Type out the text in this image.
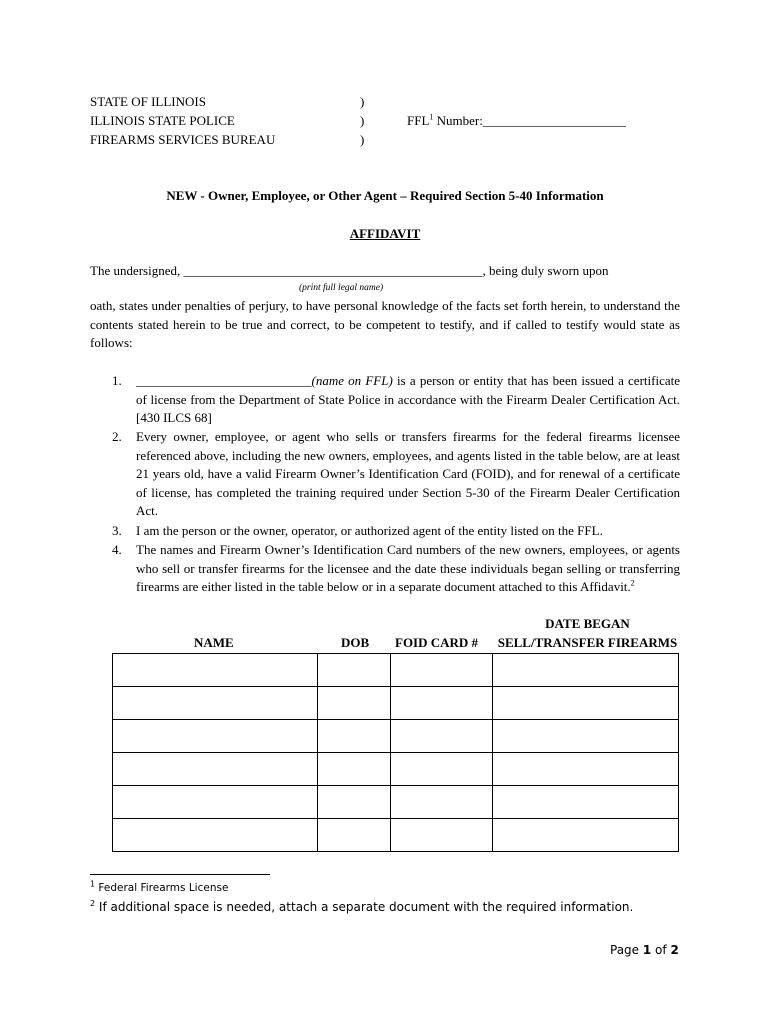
STATE OF ILLINOIS
ILLINOIS STATE POLICE
FIREARMS SERVICES BUREAU
)
)
)
FFL$^1$ Number:______________________
NEW - Owner, Employee, or Other Agent – Required Section 5-40 Information
AFFIDAVIT
The undersigned, ______________________________________________, being duly sworn upon
(print full legal name)
oath, states under penalties of perjury, to have personal knowledge of the facts set forth herein, to understand the contents stated herein to be true and correct, to be competent to testify, and if called to testify would state as follows:
1. ___________________________(name on FFL) is a person or entity that has been issued a certificate of license from the Department of State Police in accordance with the Firearm Dealer Certification Act. [430 ILCS 68]
2. Every owner, employee, or agent who sells or transfers firearms for the federal firearms licensee referenced above, including the new owners, employees, and agents listed in the table below, are at least 21 years old, have a valid Firearm Owner’s Identification Card (FOID), and for renewal of a certificate of license, has completed the training required under Section 5-30 of the Firearm Dealer Certification Act.
3. I am the person or the owner, operator, or authorized agent of the entity listed on the FFL.
4. The names and Firearm Owner’s Identification Card numbers of the new owners, employees, or agents who sell or transfer firearms for the licensee and the date these individuals began selling or transferring firearms are either listed in the table below or in a separate document attached to this Affidavit.$^2$
DATE BEGAN
NAME	DOB FOID CARD # SELL/TRANSFER FIREARMS

$^1$ Federal Firearms License
$^2$ If additional space is needed, attach a separate document with the required information.
Page 1 of 2
